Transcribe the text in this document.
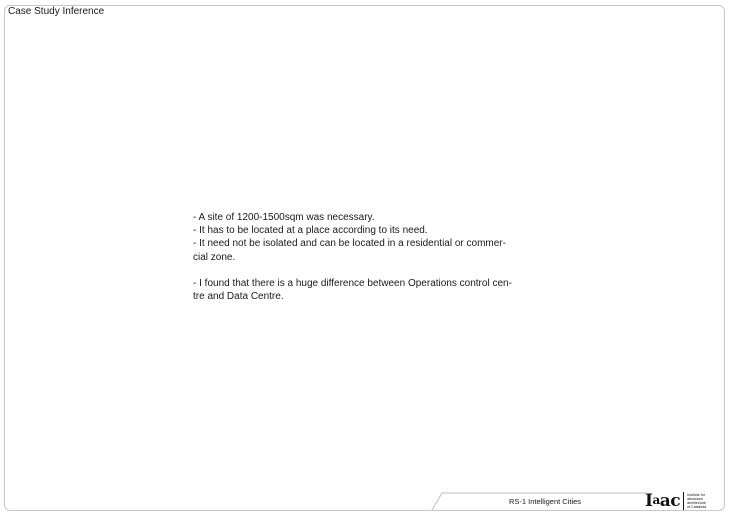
Case Study Inference

- A site of 1200-1500sqm was necessary.

- It has to be located at a place according to its need.

- It need not be isolated and can be located in a residential or commer-
cial zone.

- I found that there is a huge difference between Operations control cen-
tre and Data Centre.

RS-1 Intelligent Cities	I a a c Institute for
advanced
architecture
of Catalonia
